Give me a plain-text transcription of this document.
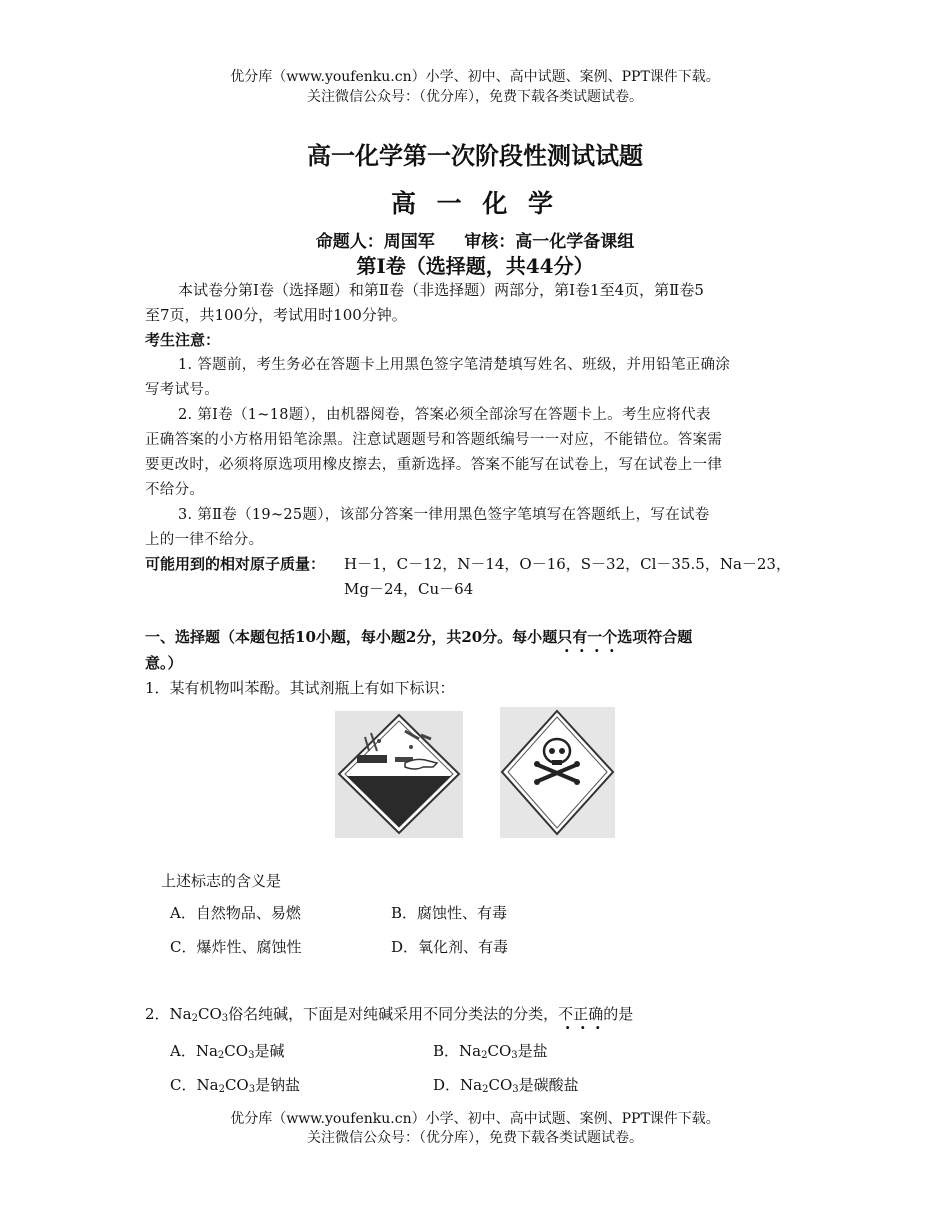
优分库（www.youfenku.cn）小学、初中、高中试题、案例、PPT课件下载。
关注微信公众号：（优分库），免费下载各类试题试卷。
高一化学第一次阶段性测试试题
高 一 化 学
命题人：周国军     审核：高一化学备课组
第Ⅰ卷（选择题，共44分）
本试卷分第Ⅰ卷（选择题）和第Ⅱ卷（非选择题）两部分，第Ⅰ卷1至4页，第Ⅱ卷5
至7页，共100分，考试用时100分钟。
考生注意：
1. 答题前，考生务必在答题卡上用黑色签字笔清楚填写姓名、班级，并用铅笔正确涂
写考试号。
2. 第Ⅰ卷（1~18题），由机器阅卷，答案必须全部涂写在答题卡上。考生应将代表
正确答案的小方格用铅笔涂黑。注意试题题号和答题纸编号一一对应，不能错位。答案需
要更改时，必须将原选项用橡皮擦去，重新选择。答案不能写在试卷上，写在试卷上一律
不给分。
3. 第Ⅱ卷（19~25题），该部分答案一律用黑色签字笔填写在答题纸上，写在试卷
上的一律不给分。
可能用到的相对原子质量： H－1，C－12，N－14，O－16，S－32，Cl－35.5，Na－23，
Mg－24，Cu－64
一、选择题（本题包括10小题，每小题2分，共20分。每小题只有一个选项符合题
意。）
1．某有机物叫苯酚。其试剂瓶上有如下标识：
上述标志的含义是
A．自然物品、易燃	B．腐蚀性、有毒
C．爆炸性、腐蚀性	D．氧化剂、有毒
2．$Na_2CO_3$俗名纯碱，下面是对纯碱采用不同分类法的分类，不正确的是
A．$Na_2CO_3$是碱	B．$Na_2CO_3$是盐
C．$Na_2CO_3$是钠盐	D．$Na_2CO_3$是碳酸盐
优分库（www.youfenku.cn）小学、初中、高中试题、案例、PPT课件下载。
关注微信公众号：（优分库），免费下载各类试题试卷。
